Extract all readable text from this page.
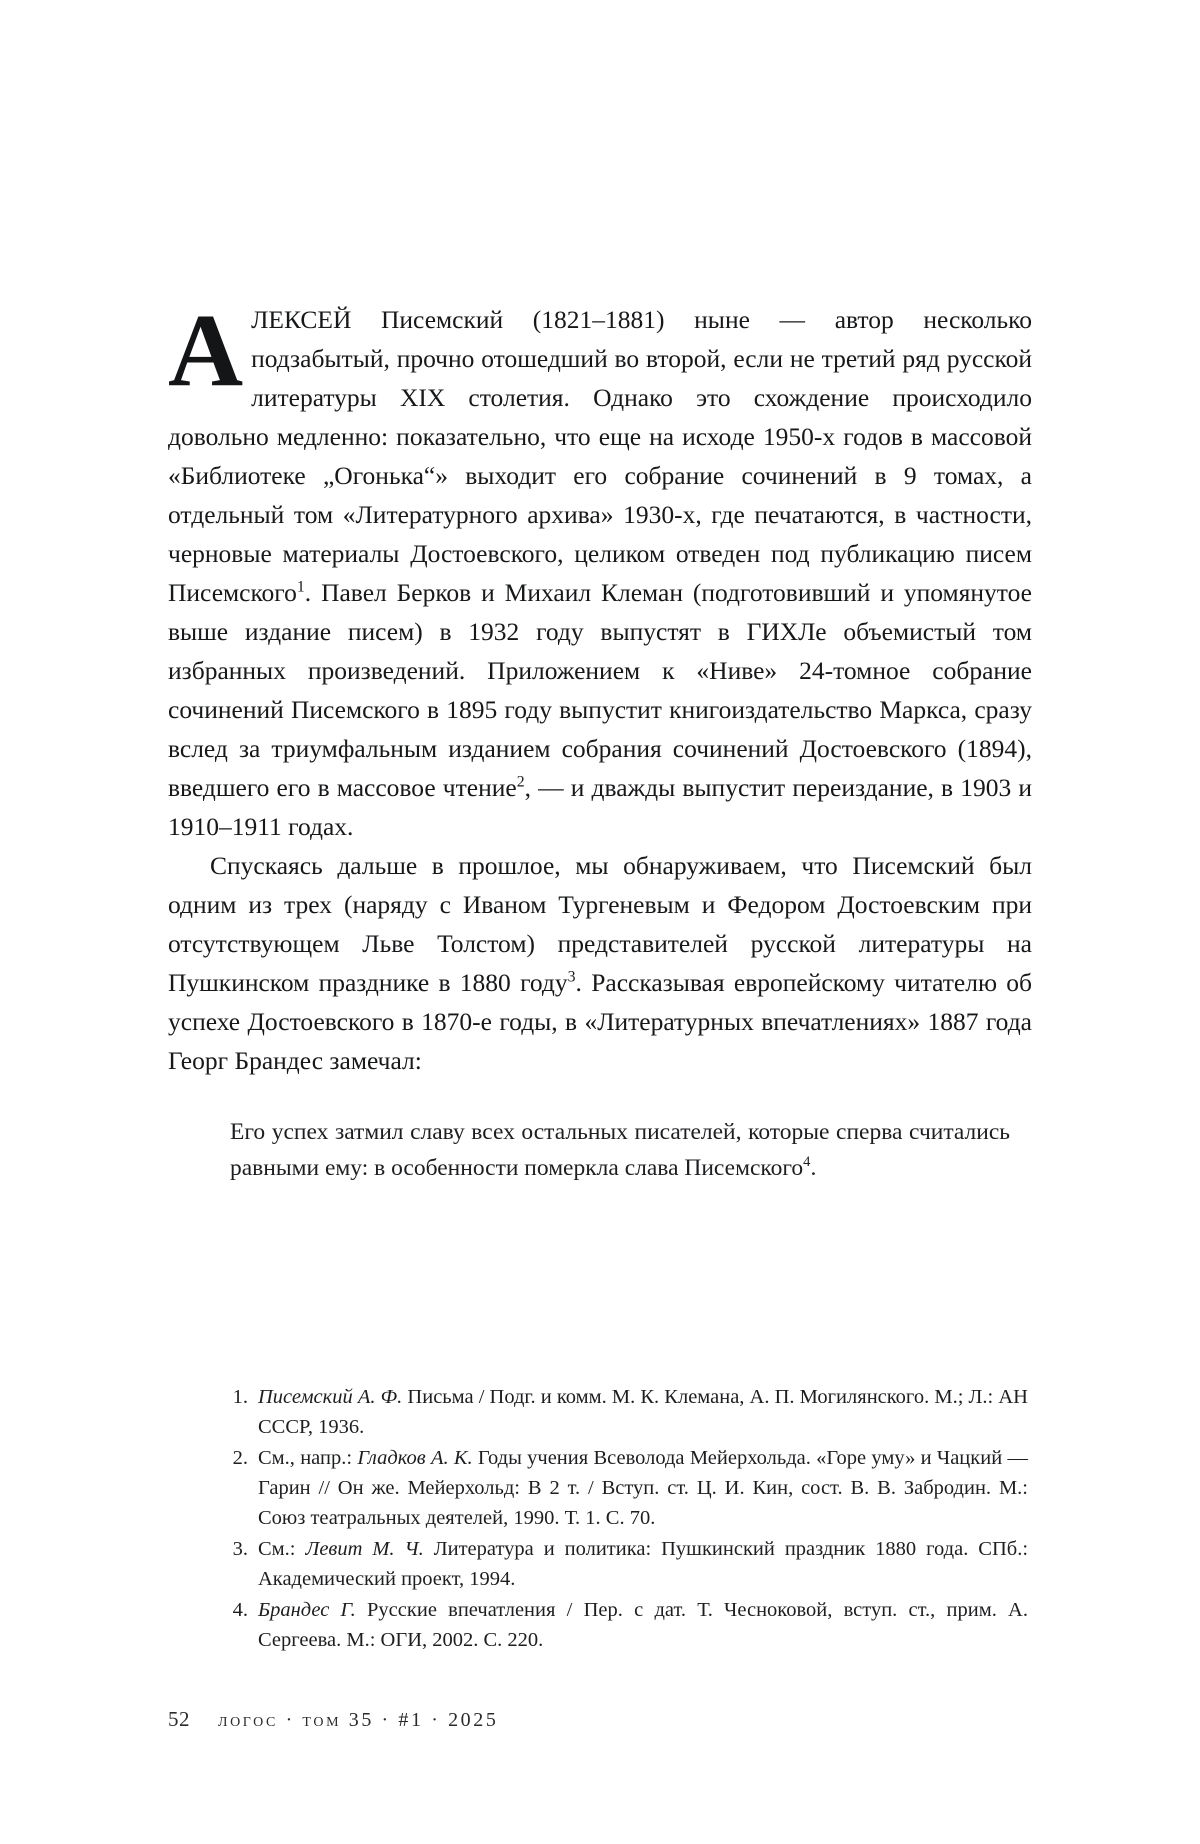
АЛЕКСЕЙ Писемский (1821–1881) ныне — автор несколько подзабытый, прочно отошедший во второй, если не третий ряд русской литературы XIX столетия. Однако это схождение происходило довольно медленно: показательно, что еще на исходе 1950-х годов в массовой «Библиотеке „Огонька“» выходит его собрание сочинений в 9 томах, а отдельный том «Литературного архива» 1930-х, где печатаются, в частности, черновые материалы Достоевского, целиком отведен под публикацию писем Писемского$^1$. Павел Берков и Михаил Клеман (подготовивший и упомянутое выше издание писем) в 1932 году выпустят в ГИХЛе объемистый том избранных произведений. Приложением к «Ниве» 24-томное собрание сочинений Писемского в 1895 году выпустит книгоиздательство Маркса, сразу вслед за триумфальным изданием собрания сочинений Достоевского (1894), введшего его в массовое чтение$^2$, — и дважды выпустит переиздание, в 1903 и 1910–1911 годах.

Спускаясь дальше в прошлое, мы обнаруживаем, что Писемский был одним из трех (наряду с Иваном Тургеневым и Федором Достоевским при отсутствующем Льве Толстом) представителей русской литературы на Пушкинском празднике в 1880 году$^3$. Рассказывая европейскому читателю об успехе Достоевского в 1870-е годы, в «Литературных впечатлениях» 1887 года Георг Брандес замечал:

Его успех затмил славу всех остальных писателей, которые сперва считались равными ему: в особенности померкла слава Писемского$^4$.
1. Писемский А. Ф. Письма / Подг. и комм. М. К. Клемана, А. П. Могилянского. М.; Л.: АН СССР, 1936.
2. См., напр.: Гладков А. К. Годы учения Всеволода Мейерхольда. «Горе уму» и Чацкий — Гарин // Он же. Мейерхольд: В 2 т. / Вступ. ст. Ц. И. Кин, сост. В. В. Забродин. М.: Союз театральных деятелей, 1990. Т. 1. С. 70.
3. См.: Левит М. Ч. Литература и политика: Пушкинский праздник 1880 года. СПб.: Академический проект, 1994.
4. Брандес Г. Русские впечатления / Пер. с дат. Т. Чесноковой, вступ. ст., прим. А. Сергеева. М.: ОГИ, 2002. С. 220.
52 логос · том 35 · #1 · 2025
